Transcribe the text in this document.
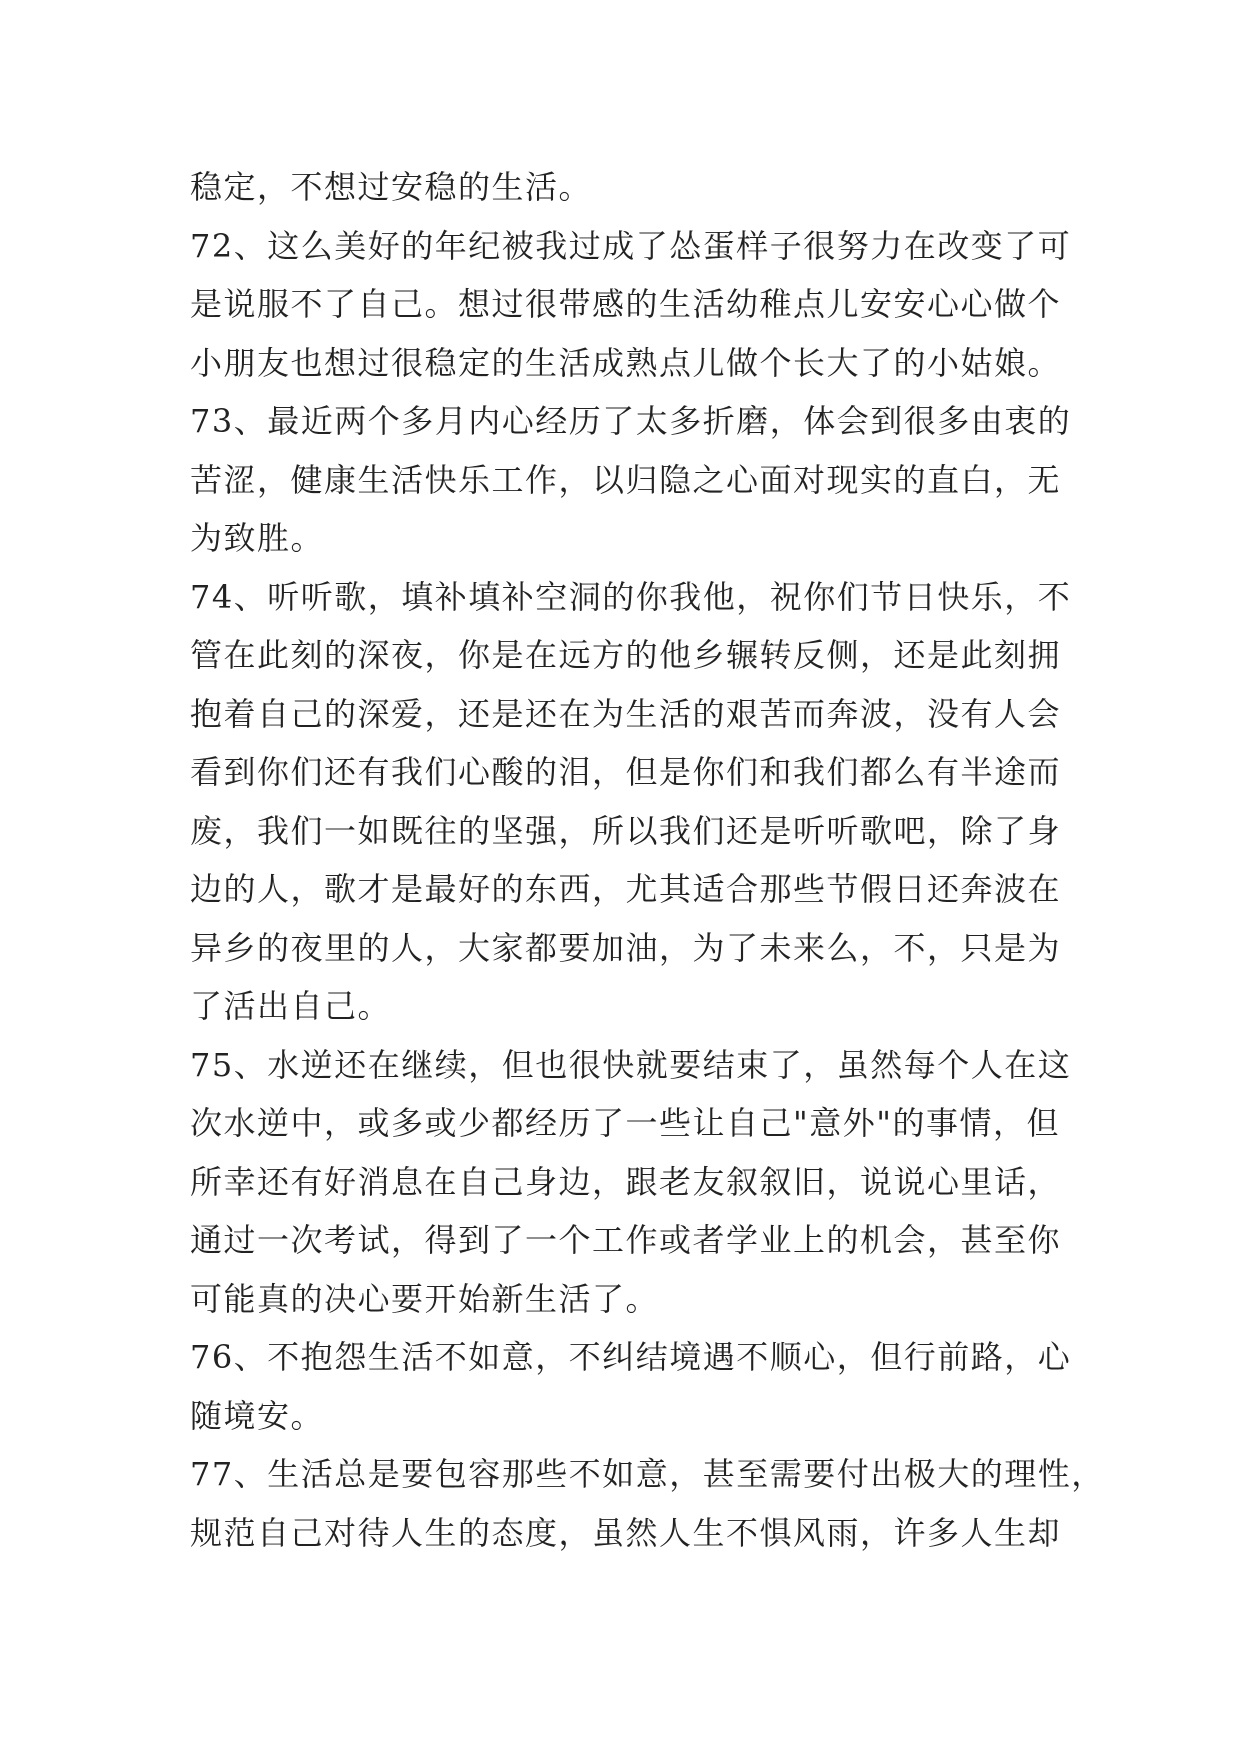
稳定，不想过安稳的生活。
72、这么美好的年纪被我过成了怂蛋样子很努力在改变了可
是说服不了自己。想过很带感的生活幼稚点儿安安心心做个
小朋友也想过很稳定的生活成熟点儿做个长大了的小姑娘。
73、最近两个多月内心经历了太多折磨，体会到很多由衷的
苦涩，健康生活快乐工作，以归隐之心面对现实的直白，无
为致胜。
74、听听歌，填补填补空洞的你我他，祝你们节日快乐，不
管在此刻的深夜，你是在远方的他乡辗转反侧，还是此刻拥
抱着自己的深爱，还是还在为生活的艰苦而奔波，没有人会
看到你们还有我们心酸的泪，但是你们和我们都么有半途而
废，我们一如既往的坚强，所以我们还是听听歌吧，除了身
边的人，歌才是最好的东西，尤其适合那些节假日还奔波在
异乡的夜里的人，大家都要加油，为了未来么，不，只是为
了活出自己。
75、水逆还在继续，但也很快就要结束了，虽然每个人在这
次水逆中，或多或少都经历了一些让自己"意外"的事情，但
所幸还有好消息在自己身边，跟老友叙叙旧，说说心里话，
通过一次考试，得到了一个工作或者学业上的机会，甚至你
可能真的决心要开始新生活了。
76、不抱怨生活不如意，不纠结境遇不顺心，但行前路，心
随境安。
77、生活总是要包容那些不如意，甚至需要付出极大的理性，
规范自己对待人生的态度，虽然人生不惧风雨，许多人生却
